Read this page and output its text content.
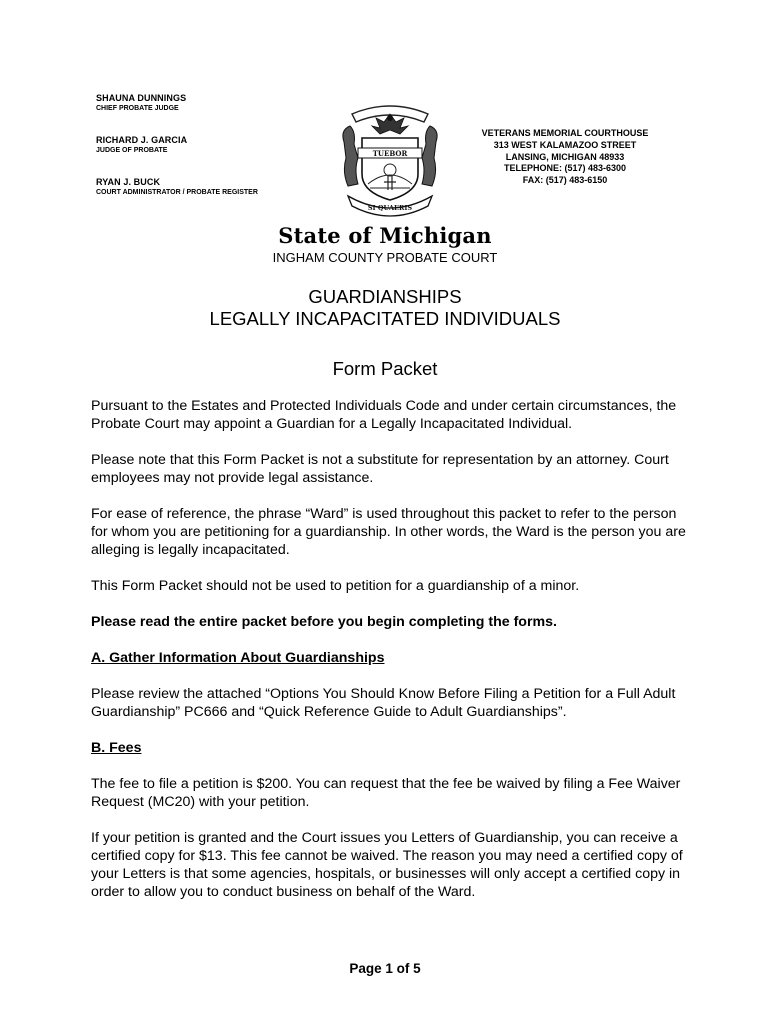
SHAUNA DUNNINGS
CHIEF PROBATE JUDGE
RICHARD J. GARCIA
JUDGE OF PROBATE
RYAN J. BUCK
COURT ADMINISTRATOR / PROBATE REGISTER
TUEBOR
SI QUAERIS
VETERANS MEMORIAL COURTHOUSE
313 WEST KALAMAZOO STREET
LANSING, MICHIGAN 48933
TELEPHONE: (517) 483-6300
FAX: (517) 483-6150
State of Michigan
INGHAM COUNTY PROBATE COURT
GUARDIANSHIPS
LEGALLY INCAPACITATED INDIVIDUALS
Form Packet

Pursuant to the Estates and Protected Individuals Code and under certain circumstances, the Probate Court may appoint a Guardian for a Legally Incapacitated Individual.

Please note that this Form Packet is not a substitute for representation by an attorney. Court employees may not provide legal assistance.

For ease of reference, the phrase “Ward” is used throughout this packet to refer to the person for whom you are petitioning for a guardianship. In other words, the Ward is the person you are alleging is legally incapacitated.

This Form Packet should not be used to petition for a guardianship of a minor.

Please read the entire packet before you begin completing the forms.

A. Gather Information About Guardianships

Please review the attached “Options You Should Know Before Filing a Petition for a Full Adult Guardianship” PC666 and “Quick Reference Guide to Adult Guardianships”.

B. Fees

The fee to file a petition is $200. You can request that the fee be waived by filing a Fee Waiver Request (MC20) with your petition.

If your petition is granted and the Court issues you Letters of Guardianship, you can receive a certified copy for $13. This fee cannot be waived. The reason you may need a certified copy of your Letters is that some agencies, hospitals, or businesses will only accept a certified copy in order to allow you to conduct business on behalf of the Ward.

Page 1 of 5
